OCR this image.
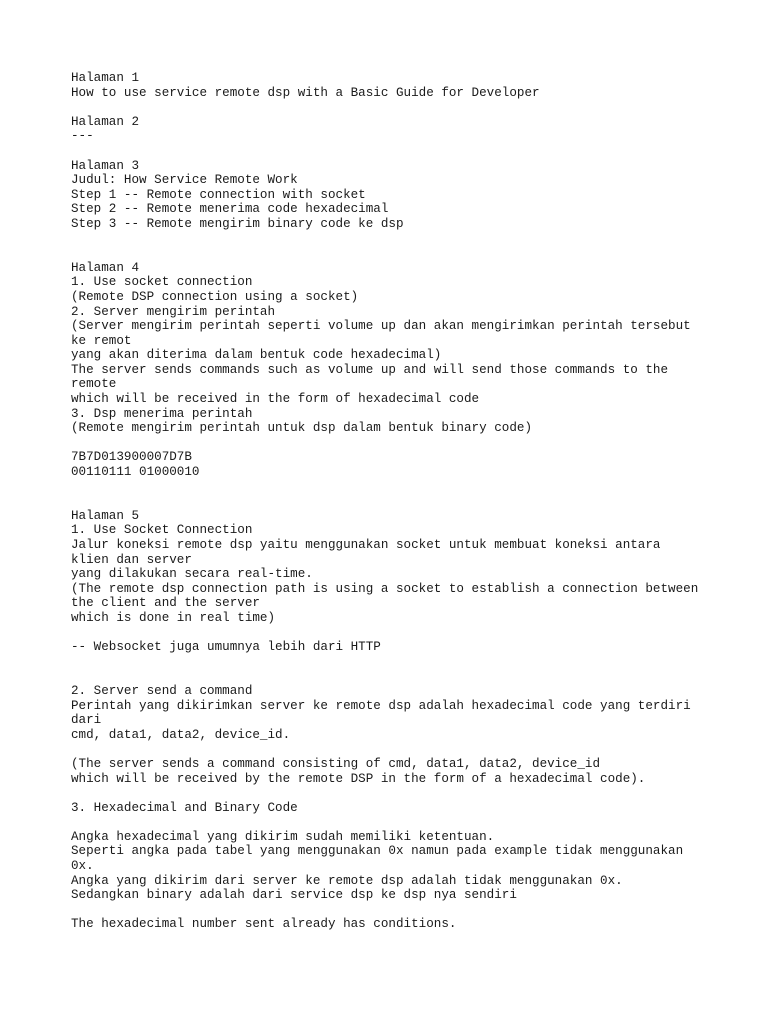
Halaman 1
How to use service remote dsp with a Basic Guide for Developer
Halaman 2
---
Halaman 3
Judul: How Service Remote Work
Step 1 -- Remote connection with socket
Step 2 -- Remote menerima code hexadecimal
Step 3 -- Remote mengirim binary code ke dsp
Halaman 4
1. Use socket connection
(Remote DSP connection using a socket)
2. Server mengirim perintah
(Server mengirim perintah seperti volume up dan akan mengirimkan perintah tersebut
ke remot
yang akan diterima dalam bentuk code hexadecimal)
The server sends commands such as volume up and will send those commands to the
remote
which will be received in the form of hexadecimal code
3. Dsp menerima perintah
(Remote mengirim perintah untuk dsp dalam bentuk binary code)
7B7D013900007D7B
00110111 01000010
Halaman 5
1. Use Socket Connection
Jalur koneksi remote dsp yaitu menggunakan socket untuk membuat koneksi antara
klien dan server
yang dilakukan secara real-time.
(The remote dsp connection path is using a socket to establish a connection between
the client and the server
which is done in real time)
-- Websocket juga umumnya lebih dari HTTP
2. Server send a command
Perintah yang dikirimkan server ke remote dsp adalah hexadecimal code yang terdiri
dari
cmd, data1, data2, device_id.
(The server sends a command consisting of cmd, data1, data2, device_id
which will be received by the remote DSP in the form of a hexadecimal code).
3. Hexadecimal and Binary Code
Angka hexadecimal yang dikirim sudah memiliki ketentuan.
Seperti angka pada tabel yang menggunakan 0x namun pada example tidak menggunakan
0x.
Angka yang dikirim dari server ke remote dsp adalah tidak menggunakan 0x.
Sedangkan binary adalah dari service dsp ke dsp nya sendiri
The hexadecimal number sent already has conditions.
